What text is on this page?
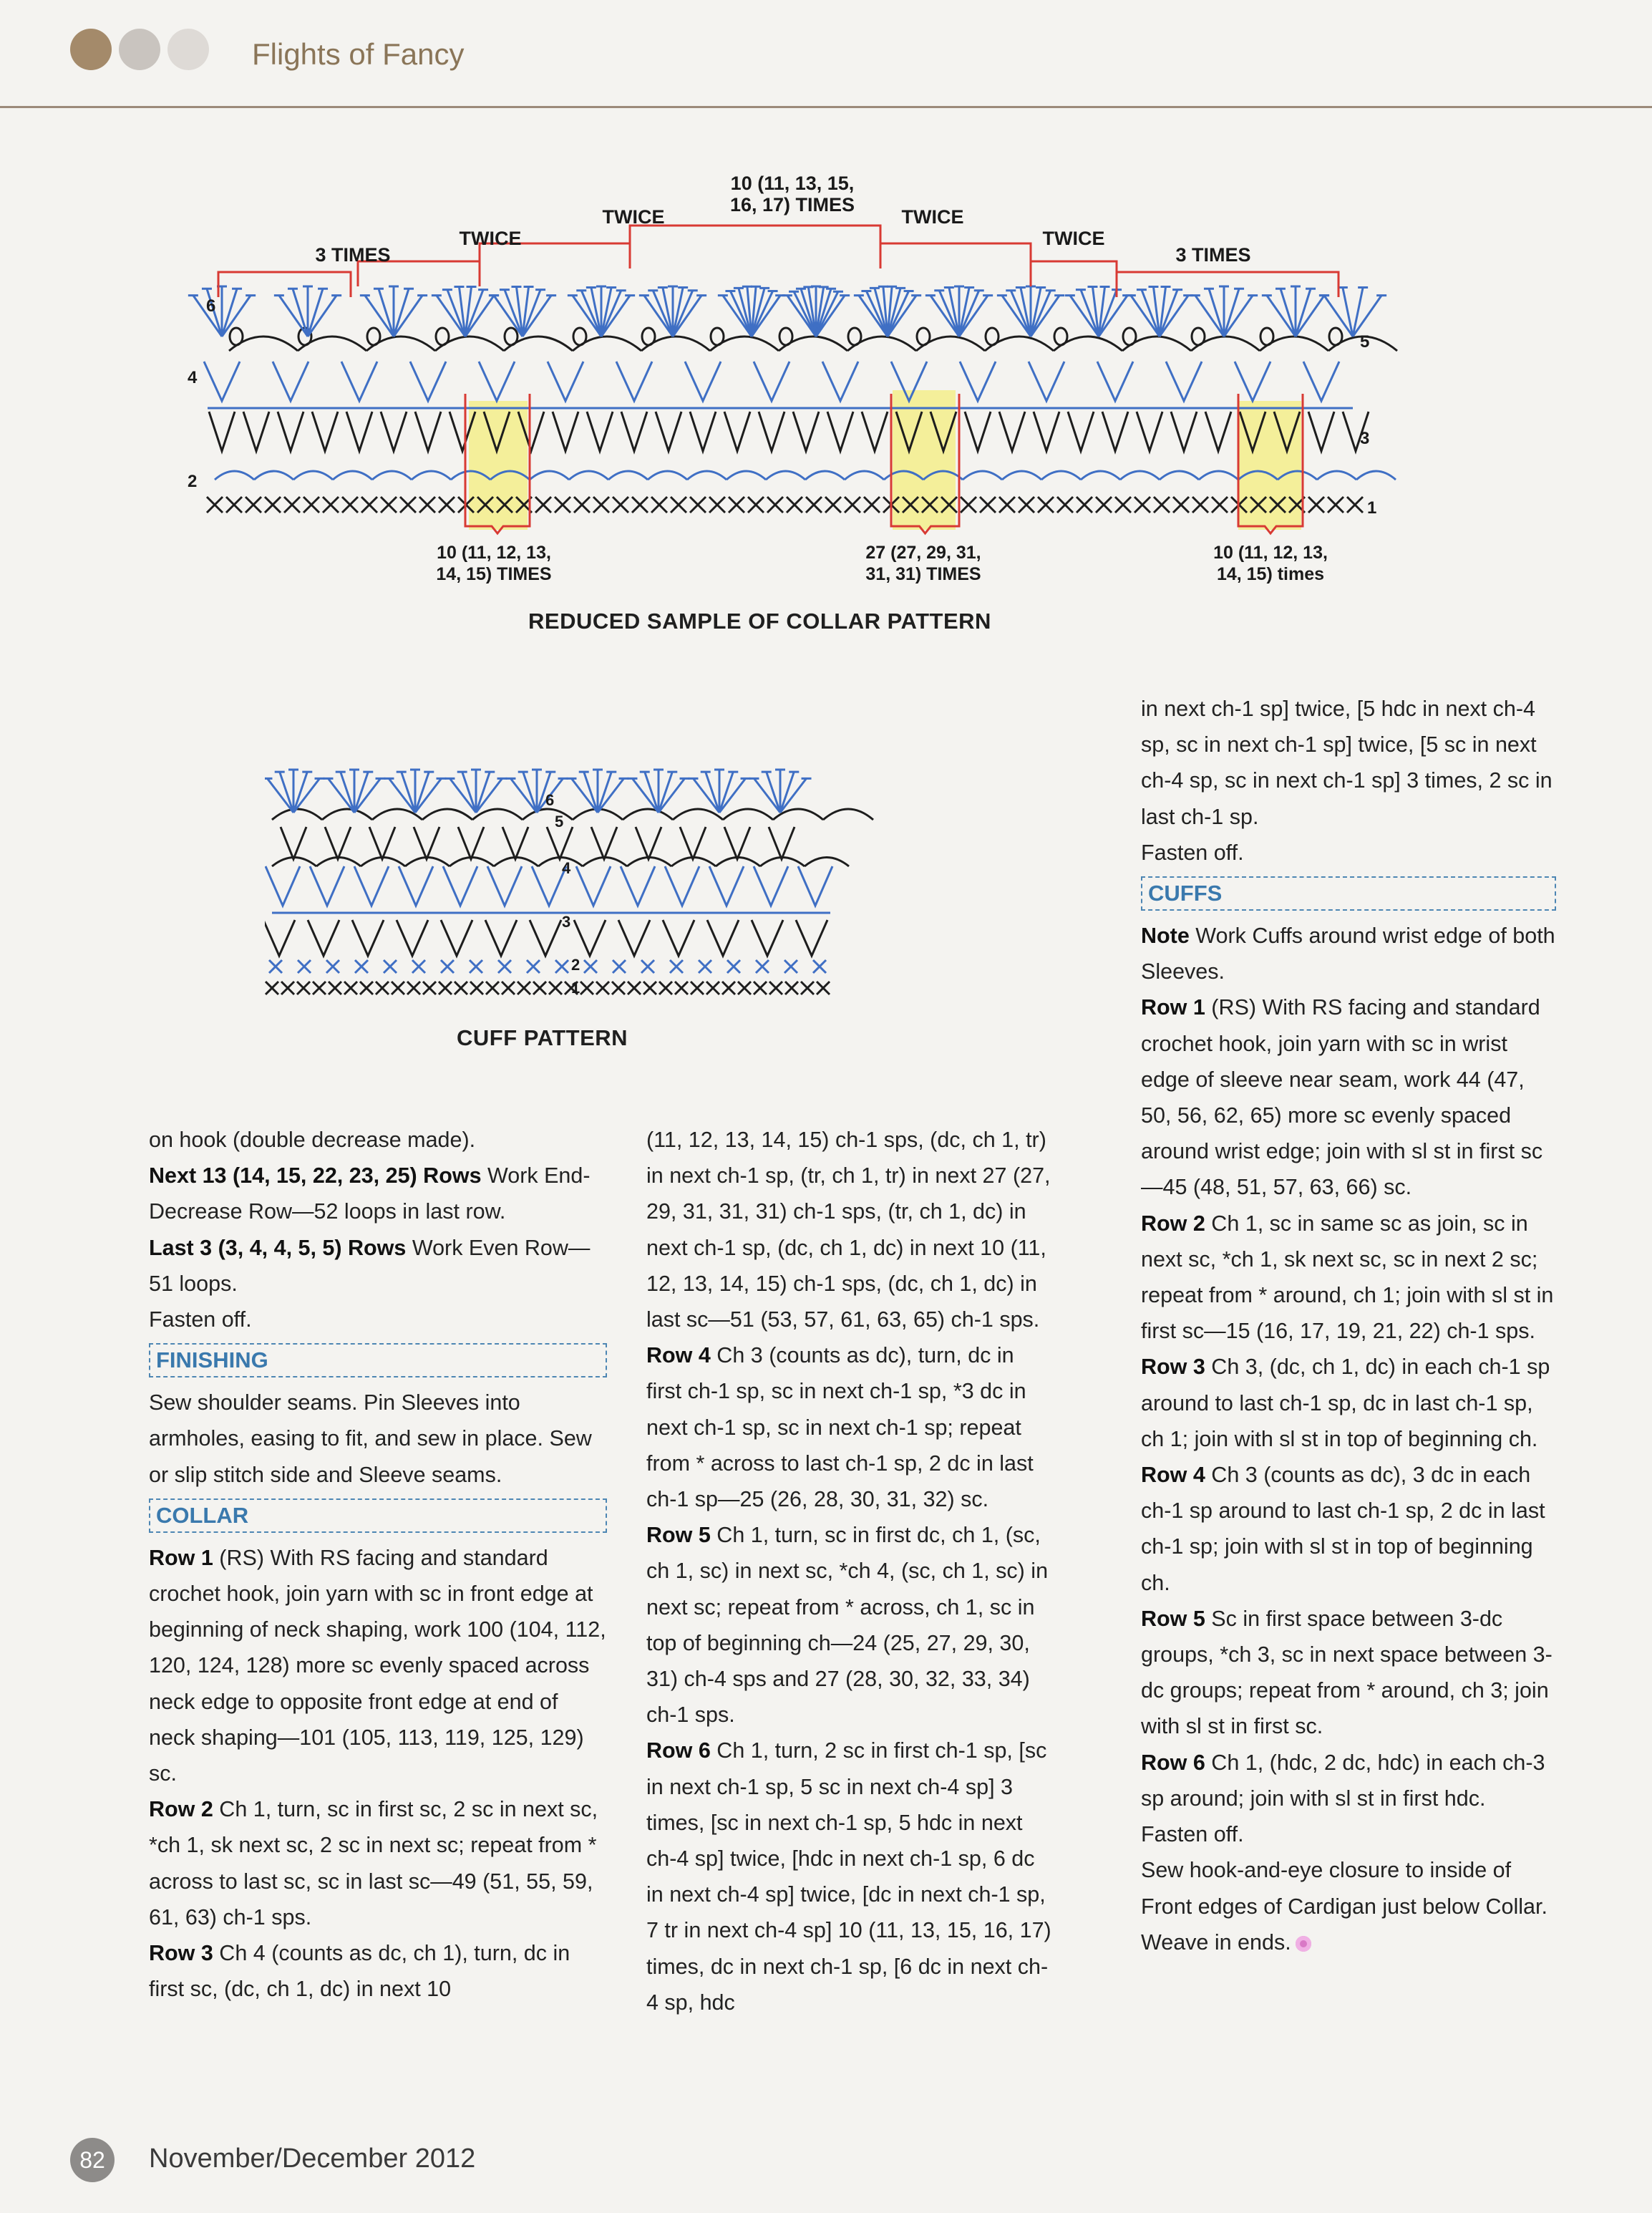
Flights of Fancy
3 TIMES
TWICE
TWICE
10 (11, 13, 15,
16, 17) TIMES
TWICE
TWICE
3 TIMES
10 (11, 12, 13,
14, 15) TIMES
27 (27, 29, 31,
31, 31) TIMES
10 (11, 12, 13,
14, 15) times
6
4
2
5
3
1
REDUCED SAMPLE OF COLLAR PATTERN
6
5
4
3
2
1
CUFF PATTERN

on hook (double decrease made).

Next 13 (14, 15, 22, 23, 25) Rows Work End-Decrease Row—52 loops in last row.

Last 3 (3, 4, 4, 5, 5) Rows Work Even Row—51 loops.

Fasten off.

FINISHING

Sew shoulder seams. Pin Sleeves into armholes, easing to fit, and sew in place. Sew or slip stitch side and Sleeve seams.

COLLAR

Row 1 (RS) With RS facing and standard crochet hook, join yarn with sc in front edge at beginning of neck shaping, work 100 (104, 112, 120, 124, 128) more sc evenly spaced across neck edge to opposite front edge at end of neck shaping—101 (105, 113, 119, 125, 129) sc.

Row 2 Ch 1, turn, sc in first sc, 2 sc in next sc, *ch 1, sk next sc, 2 sc in next sc; repeat from * across to last sc, sc in last sc—49 (51, 55, 59, 61, 63) ch-1 sps.

Row 3 Ch 4 (counts as dc, ch 1), turn, dc in first sc, (dc, ch 1, dc) in next 10

(11, 12, 13, 14, 15) ch-1 sps, (dc, ch 1, tr) in next ch-1 sp, (tr, ch 1, tr) in next 27 (27, 29, 31, 31, 31) ch-1 sps, (tr, ch 1, dc) in next ch-1 sp, (dc, ch 1, dc) in next 10 (11, 12, 13, 14, 15) ch-1 sps, (dc, ch 1, dc) in last sc—51 (53, 57, 61, 63, 65) ch-1 sps.

Row 4 Ch 3 (counts as dc), turn, dc in first ch-1 sp, sc in next ch-1 sp, *3 dc in next ch-1 sp, sc in next ch-1 sp; repeat from * across to last ch-1 sp, 2 dc in last ch-1 sp—25 (26, 28, 30, 31, 32) sc.

Row 5 Ch 1, turn, sc in first dc, ch 1, (sc, ch 1, sc) in next sc, *ch 4, (sc, ch 1, sc) in next sc; repeat from * across, ch 1, sc in top of beginning ch—24 (25, 27, 29, 30, 31) ch-4 sps and 27 (28, 30, 32, 33, 34) ch-1 sps.

Row 6 Ch 1, turn, 2 sc in first ch-1 sp, [sc in next ch-1 sp, 5 sc in next ch-4 sp] 3 times, [sc in next ch-1 sp, 5 hdc in next ch-4 sp] twice, [hdc in next ch-1 sp, 6 dc in next ch-4 sp] twice, [dc in next ch-1 sp, 7 tr in next ch-4 sp] 10 (11, 13, 15, 16, 17) times, dc in next ch-1 sp, [6 dc in next ch-4 sp, hdc

in next ch-1 sp] twice, [5 hdc in next ch-4 sp, sc in next ch-1 sp] twice, [5 sc in next ch-4 sp, sc in next ch-1 sp] 3 times, 2 sc in last ch-1 sp.

Fasten off.

CUFFS

Note Work Cuffs around wrist edge of both Sleeves.

Row 1 (RS) With RS facing and standard crochet hook, join yarn with sc in wrist edge of sleeve near seam, work 44 (47, 50, 56, 62, 65) more sc evenly spaced around wrist edge; join with sl st in first sc—45 (48, 51, 57, 63, 66) sc.

Row 2 Ch 1, sc in same sc as join, sc in next sc, *ch 1, sk next sc, sc in next 2 sc; repeat from * around, ch 1; join with sl st in first sc—15 (16, 17, 19, 21, 22) ch-1 sps.

Row 3 Ch 3, (dc, ch 1, dc) in each ch-1 sp around to last ch-1 sp, dc in last ch-1 sp, ch 1; join with sl st in top of beginning ch.

Row 4 Ch 3 (counts as dc), 3 dc in each ch-1 sp around to last ch-1 sp, 2 dc in last ch-1 sp; join with sl st in top of beginning ch.

Row 5 Sc in first space between 3-dc groups, *ch 3, sc in next space between 3-dc groups; repeat from * around, ch 3; join with sl st in first sc.

Row 6 Ch 1, (hdc, 2 dc, hdc) in each ch-3 sp around; join with sl st in first hdc.

Fasten off.

Sew hook-and-eye closure to inside of Front edges of Cardigan just below Collar. Weave in ends.

82	November/December 2012
